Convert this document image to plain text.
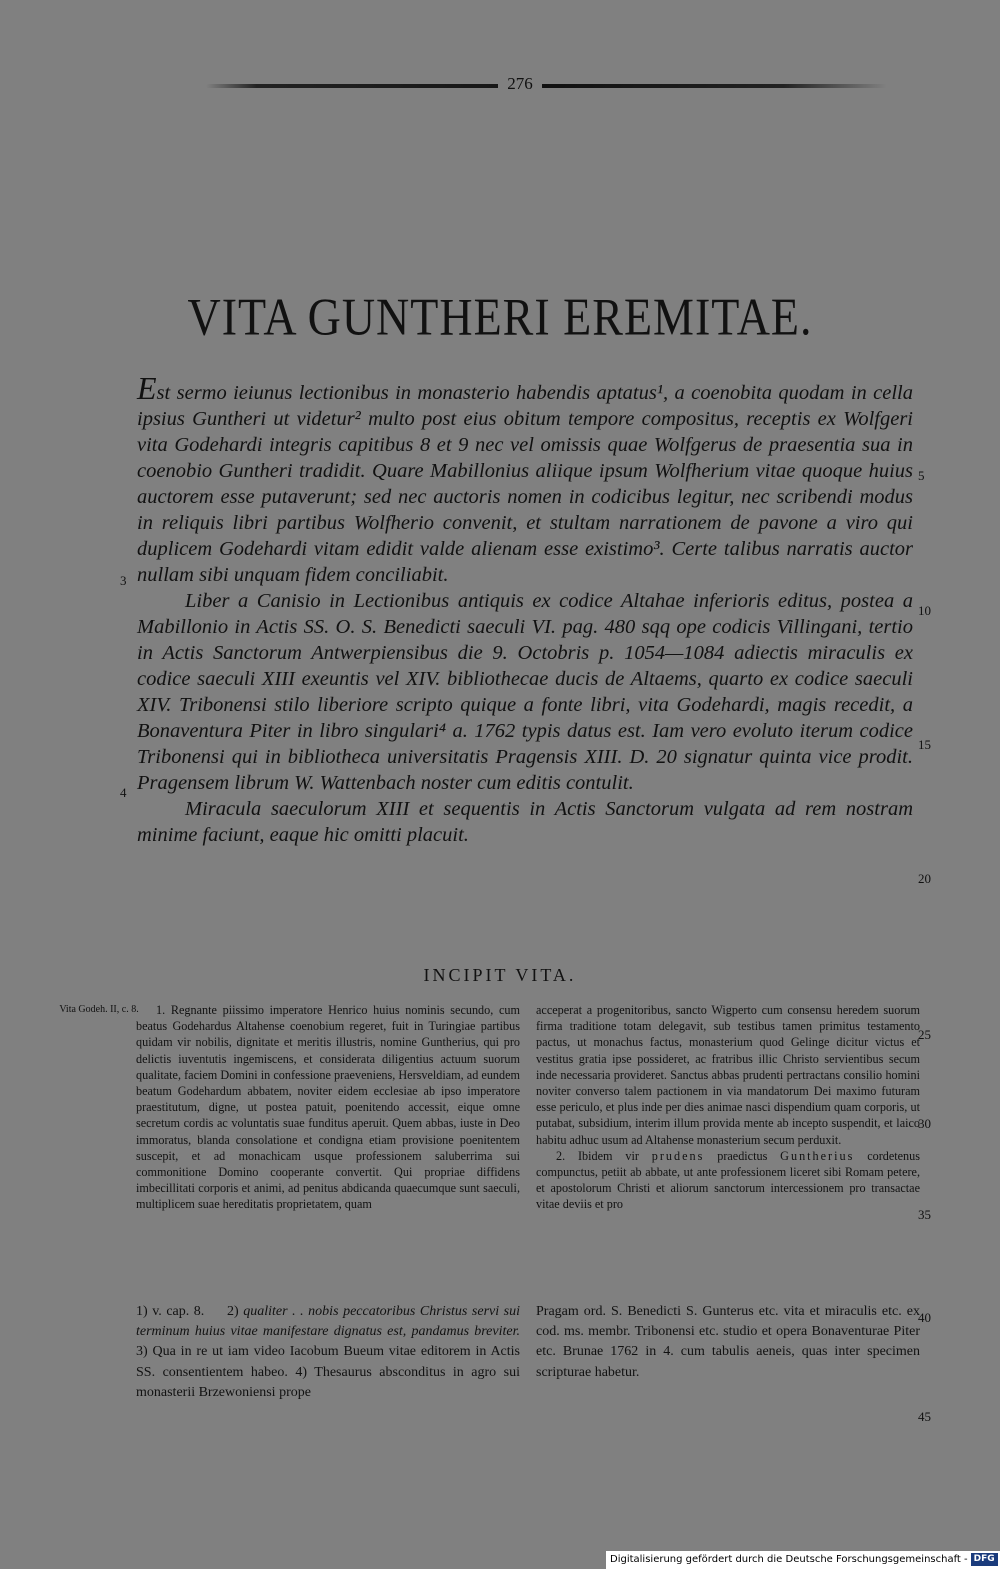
276
VITA GUNTHERI EREMITAE.

Est sermo ieiunus lectionibus in monasterio habendis aptatus¹, a coenobita quodam in cella ipsius Guntheri ut videtur² multo post eius obitum tempore compositus, receptis ex Wolfgeri vita Godehardi integris capitibus 8 et 9 nec vel omissis quae Wolfgerus de praesentia sua in coenobio Guntheri tradidit. Quare Mabillonius aliique ipsum Wolfherium vitae quoque huius auctorem esse putaverunt; sed nec auctoris nomen in codicibus legitur, nec scribendi modus in reliquis libri partibus Wolfherio convenit, et stultam narrationem de pavone a viro qui duplicem Godehardi vitam edidit valde alienam esse existimo³. Certe talibus narratis auctor nullam sibi unquam fidem conciliabit.

Liber a Canisio in Lectionibus antiquis ex codice Altahae inferioris editus, postea a Mabillonio in Actis SS. O. S. Benedicti saeculi VI. pag. 480 sqq ope codicis Villingani, tertio in Actis Sanctorum Antwerpiensibus die 9. Octobris p. 1054—1084 adiectis miraculis ex codice saeculi XIII exeuntis vel XIV. bibliothecae ducis de Altaems, quarto ex codice saeculi XIV. Tribonensi stilo liberiore scripto quique a fonte libri, vita Godehardi, magis recedit, a Bonaventura Piter in libro singulari⁴ a. 1762 typis datus est. Iam vero evoluto iterum codice Tribonensi qui in bibliotheca universitatis Pragensis XIII. D. 20 signatur quinta vice prodit. Pragensem librum W. Wattenbach noster cum editis contulit.

Miracula saeculorum XIII et sequentis in Actis Sanctorum vulgata ad rem nostram minime faciunt, eaque hic omitti placuit.

3
4
5
10
15
20
25
30
35
40
45
INCIPIT VITA.
Vita Godeh. II, c. 8.	1. Regnante piissimo imperatore Henrico huius nominis secundo, cum beatus Godehardus Altahense coenobium regeret, fuit in Turingiae partibus quidam vir nobilis, dignitate et meritis illustris, nomine Guntherius, qui pro delictis iuventutis ingemiscens, et considerata diligentius actuum suorum qualitate, faciem Domini in confessione praeveniens, Hersveldiam, ad eundem beatum Godehardum abbatem, noviter eidem ecclesiae ab ipso imperatore praestitutum, digne, ut postea patuit, poenitendo accessit, eique omne secretum cordis ac voluntatis suae funditus aperuit. Quem abbas, iuste in Deo immoratus, blanda consolatione et condigna etiam provisione poenitentem suscepit, et ad monachicam usque professionem saluberrima sui commonitione Domino cooperante convertit. Qui propriae diffidens imbecillitati corporis et animi, ad penitus abdicanda quaecumque sunt saeculi, multiplicem suae hereditatis proprietatem, quam

acceperat a progenitoribus, sancto Wigperto cum consensu heredem suorum firma traditione totam delegavit, sub testibus tamen primitus testamento pactus, ut monachus factus, monasterium quod Gelinge dicitur victus et vestitus gratia ipse possideret, ac fratribus illic Christo servientibus secum inde necessaria provideret. Sanctus abbas prudenti pertractans consilio homini noviter converso talem pactionem in via mandatorum Dei maximo futuram esse periculo, et plus inde per dies animae nasci dispendium quam corporis, ut putabat, subsidium, interim illum provida mente ab incepto suspendit, et laico habitu adhuc usum ad Altahense monasterium secum perduxit.

2. Ibidem vir prudens praedictus Guntherius cordetenus compunctus, petiit ab abbate, ut ante professionem liceret sibi Romam petere, et apostolorum Christi et aliorum sanctorum intercessionem pro transactae vitae deviis et pro

1) v. cap. 8. 2) qualiter . . nobis peccatoribus Christus servi sui terminum huius vitae manifestare dignatus est, pandamus breviter. 3) Qua in re ut iam video Iacobum Bueum vitae editorem in Actis SS. consentientem habeo. 4) Thesaurus absconditus in agro sui monasterii Brzewoniensi prope

Pragam ord. S. Benedicti S. Gunterus etc. vita et miraculis etc. ex cod. ms. membr. Tribonensi etc. studio et opera Bonaventurae Piter etc. Brunae 1762 in 4. cum tabulis aeneis, quas inter specimen scripturae habetur.

Digitalisierung gefördert durch die Deutsche Forschungsgemeinschaft - DFG
